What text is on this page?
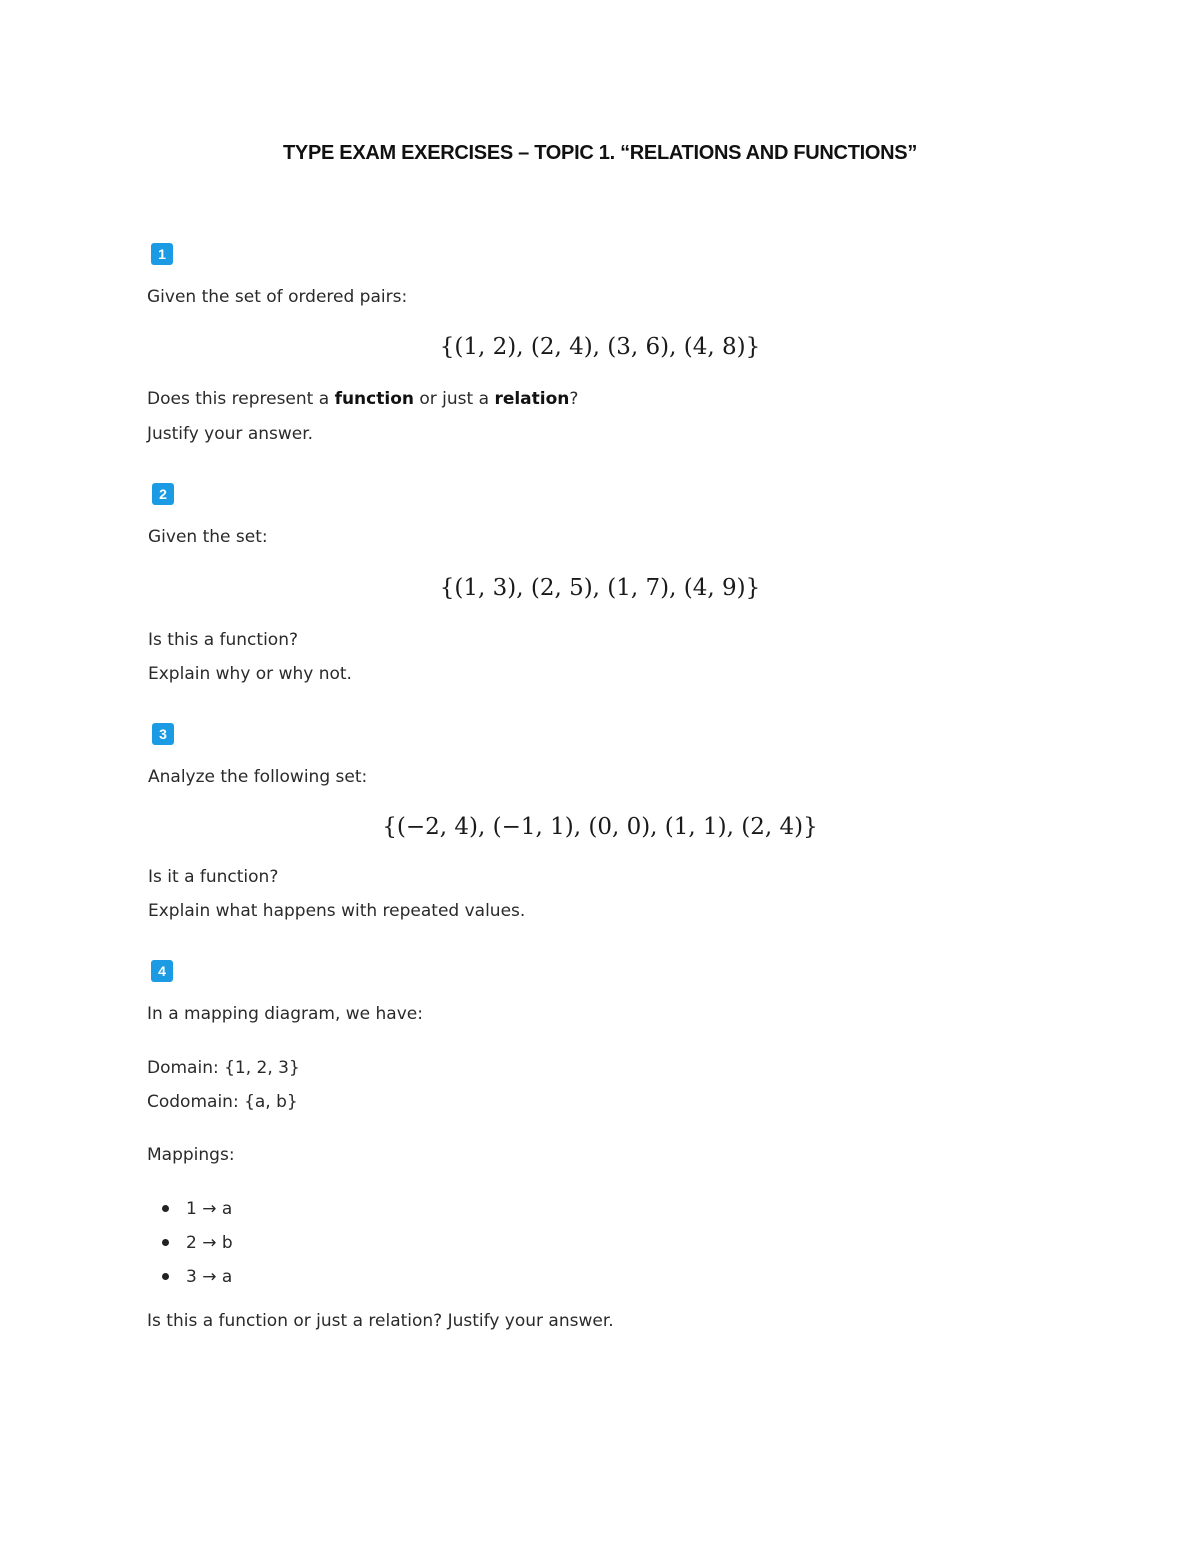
TYPE EXAM EXERCISES – TOPIC 1. “RELATIONS AND FUNCTIONS”
1
Given the set of ordered pairs:
{(1, 2), (2, 4), (3, 6), (4, 8)}
Does this represent a function or just a relation?
Justify your answer.
2
Given the set:
{(1, 3), (2, 5), (1, 7), (4, 9)}
Is this a function?
Explain why or why not.
3
Analyze the following set:
{(−2, 4), (−1, 1), (0, 0), (1, 1), (2, 4)}
Is it a function?
Explain what happens with repeated values.
4
In a mapping diagram, we have:
Domain: {1, 2, 3}
Codomain: {a, b}
Mappings:
1 → a
2 → b
3 → a
Is this a function or just a relation? Justify your answer.
